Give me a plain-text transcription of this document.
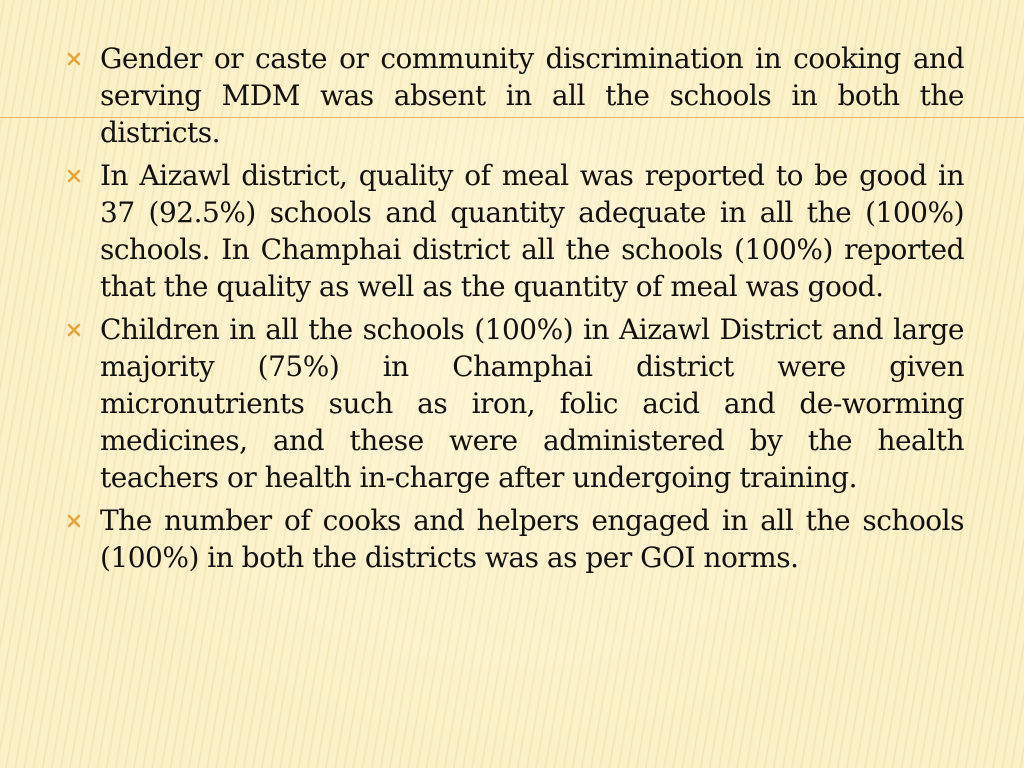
Gender or caste or community discrimination in cooking and serving MDM was absent in all the schools in both the districts.
In Aizawl district, quality of meal was reported to be good in 37 (92.5%) schools and quantity adequate in all the (100%) schools. In Champhai district all the schools (100%) reported that the quality as well as the quantity of meal was good.
Children in all the schools (100%) in Aizawl District and large majority (75%) in Champhai district were given micronutrients such as iron, folic acid and de-worming medicines, and these were administered by the health teachers or health in-charge after undergoing training.
The number of cooks and helpers engaged in all the schools (100%) in both the districts was as per GOI norms.
